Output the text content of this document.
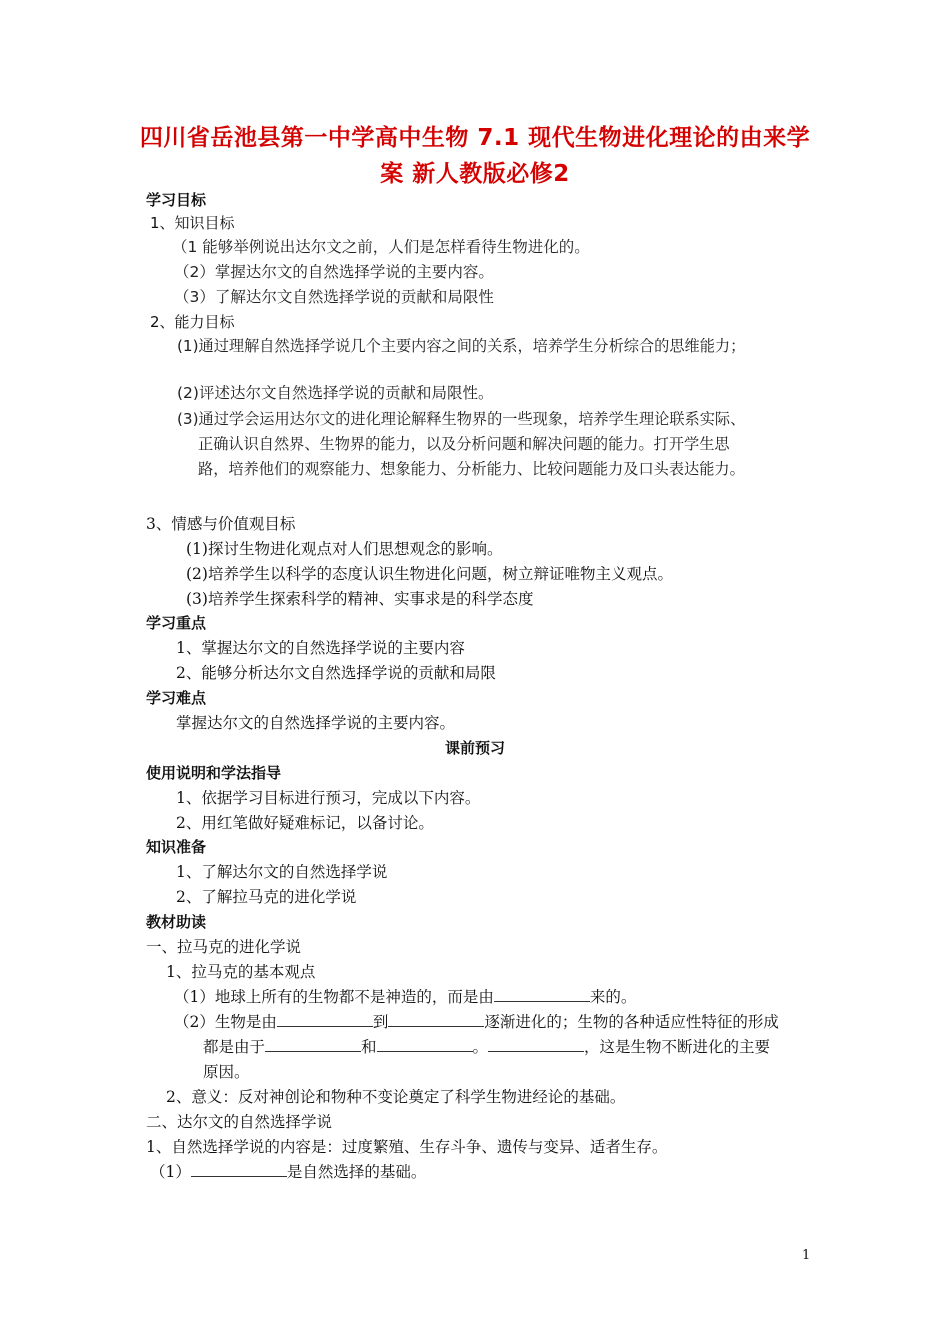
四川省岳池县第一中学高中生物 7.1 现代生物进化理论的由来学
案 新人教版必修2
学习目标
1、知识目标
（1 能够举例说出达尔文之前，人们是怎样看待生物进化的。
（2）掌握达尔文的自然选择学说的主要内容。
（3）了解达尔文自然选择学说的贡献和局限性
2、能力目标
(1)通过理解自然选择学说几个主要内容之间的关系，培养学生分析综合的思维能力；
(2)评述达尔文自然选择学说的贡献和局限性。
(3)通过学会运用达尔文的进化理论解释生物界的一些现象，培养学生理论联系实际、
正确认识自然界、生物界的能力，以及分析问题和解决问题的能力。打开学生思
路，培养他们的观察能力、想象能力、分析能力、比较问题能力及口头表达能力。
3、情感与价值观目标
(1)探讨生物进化观点对人们思想观念的影响。
(2)培养学生以科学的态度认识生物进化问题，树立辩证唯物主义观点。
(3)培养学生探索科学的精神、实事求是的科学态度
学习重点
1、掌握达尔文的自然选择学说的主要内容
2、能够分析达尔文自然选择学说的贡献和局限
学习难点
掌握达尔文的自然选择学说的主要内容。
课前预习
使用说明和学法指导
1、依据学习目标进行预习，完成以下内容。
2、用红笔做好疑难标记，以备讨论。
知识准备
1、了解达尔文的自然选择学说
2、了解拉马克的进化学说
教材助读
一、拉马克的进化学说
1、拉马克的基本观点
（1）地球上所有的生物都不是神造的，而是由	来的。
（2）生物是由	到	逐渐进化的；生物的各种适应性特征的形成
都是由于	和	。	，这是生物不断进化的主要
原因。
2、意义：反对神创论和物种不变论奠定了科学生物进经论的基础。
二、达尔文的自然选择学说
1、自然选择学说的内容是：过度繁殖、生存斗争、遗传与变异、适者生存。
（1）	是自然选择的基础。
1
